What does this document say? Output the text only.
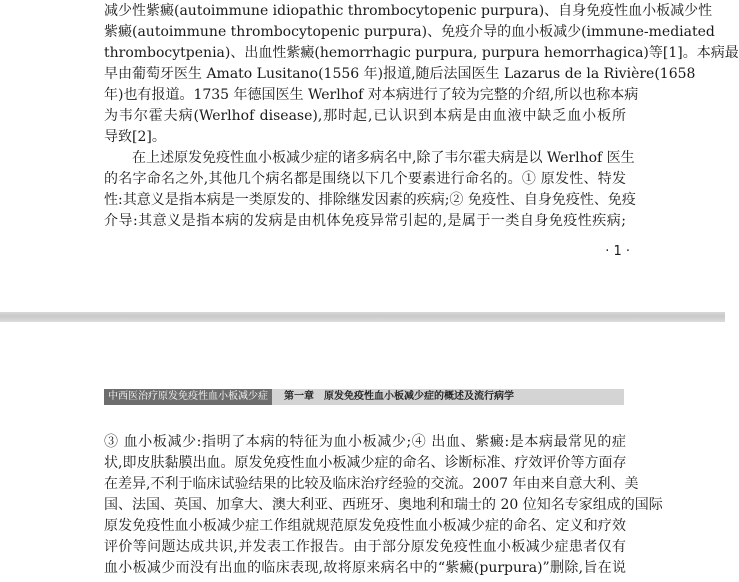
减少性紫癜(autoimmune idiopathic thrombocytopenic purpura)、自身免疫性血小板减少性
紫癜(autoimmune thrombocytopenic purpura)、免疫介导的血小板减少(immune-mediated
thrombocytpenia)、出血性紫癜(hemorrhagic purpura, purpura hemorrhagica)等[1]。本病最
早由葡萄牙医生 Amato Lusitano(1556 年)报道,随后法国医生 Lazarus de la Rivière(1658
年)也有报道。1735 年德国医生 Werlhof 对本病进行了较为完整的介绍,所以也称本病
为韦尔霍夫病(Werlhof disease),那时起,已认识到本病是由血液中缺乏血小板所
导致[2]。
　　在上述原发免疫性血小板减少症的诸多病名中,除了韦尔霍夫病是以 Werlhof 医生
的名字命名之外,其他几个病名都是围绕以下几个要素进行命名的。① 原发性、特发
性:其意义是指本病是一类原发的、排除继发因素的疾病;② 免疫性、自身免疫性、免疫
介导:其意义是指本病的发病是由机体免疫异常引起的,是属于一类自身免疫性疾病;
· 1 ·
中西医治疗原发免疫性血小板减少症	第一章　原发免疫性血小板减少症的概述及流行病学
③ 血小板减少:指明了本病的特征为血小板减少;④ 出血、紫癜:是本病最常见的症
状,即皮肤黏膜出血。原发免疫性血小板减少症的命名、诊断标准、疗效评价等方面存
在差异,不利于临床试验结果的比较及临床治疗经验的交流。2007 年由来自意大利、美
国、法国、英国、加拿大、澳大利亚、西班牙、奥地利和瑞士的 20 位知名专家组成的国际
原发免疫性血小板减少症工作组就规范原发免疫性血小板减少症的命名、定义和疗效
评价等问题达成共识,并发表工作报告。由于部分原发免疫性血小板减少症患者仅有
血小板减少而没有出血的临床表现,故将原来病名中的“紫癜(purpura)”删除,旨在说
